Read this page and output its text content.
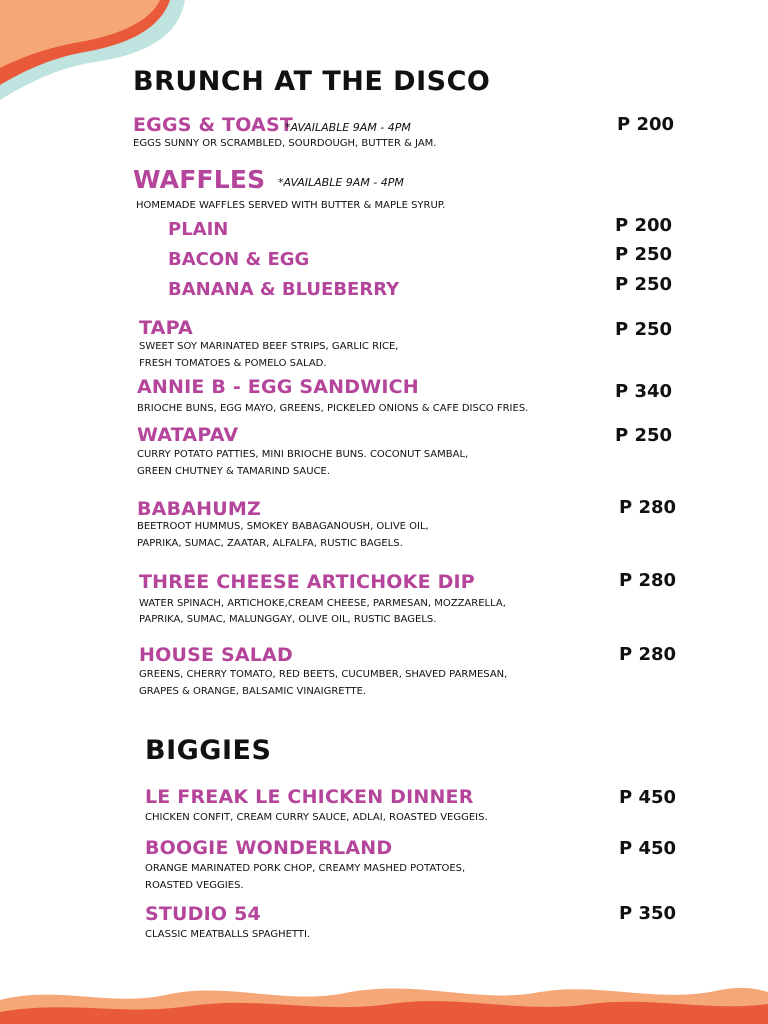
BRUNCH AT THE DISCO
EGGS & TOAST
*AVAILABLE 9AM - 4PM	P 200
EGGS SUNNY OR SCRAMBLED, SOURDOUGH, BUTTER & JAM.
WAFFLES *AVAILABLE 9AM - 4PM
HOMEMADE WAFFLES SERVED WITH BUTTER & MAPLE SYRUP.
PLAIN	P 200
BACON & EGG	P 250
BANANA & BLUEBERRY	P 250
TAPA	P 250
SWEET SOY MARINATED BEEF STRIPS, GARLIC RICE,
FRESH TOMATOES & POMELO SALAD.
ANNIE B - EGG SANDWICH	P 340
BRIOCHE BUNS, EGG MAYO, GREENS, PICKELED ONIONS & CAFE DISCO FRIES.
WATAPAV	P 250
CURRY POTATO PATTIES, MINI BRIOCHE BUNS. COCONUT SAMBAL,
GREEN CHUTNEY & TAMARIND SAUCE.
BABAHUMZ	P 280
BEETROOT HUMMUS, SMOKEY BABAGANOUSH, OLIVE OIL,
PAPRIKA, SUMAC, ZAATAR, ALFALFA, RUSTIC BAGELS.
THREE CHEESE ARTICHOKE DIP	P 280
WATER SPINACH, ARTICHOKE,CREAM CHEESE, PARMESAN, MOZZARELLA,
PAPRIKA, SUMAC, MALUNGGAY, OLIVE OIL, RUSTIC BAGELS.
HOUSE SALAD	P 280
GREENS, CHERRY TOMATO, RED BEETS, CUCUMBER, SHAVED PARMESAN,
GRAPES & ORANGE, BALSAMIC VINAIGRETTE.
BIGGIES
LE FREAK LE CHICKEN DINNER	P 450
CHICKEN CONFIT, CREAM CURRY SAUCE, ADLAI, ROASTED VEGGEIS.
BOOGIE WONDERLAND	P 450
ORANGE MARINATED PORK CHOP, CREAMY MASHED POTATOES,
ROASTED VEGGIES.
STUDIO 54	P 350
CLASSIC MEATBALLS SPAGHETTI.
